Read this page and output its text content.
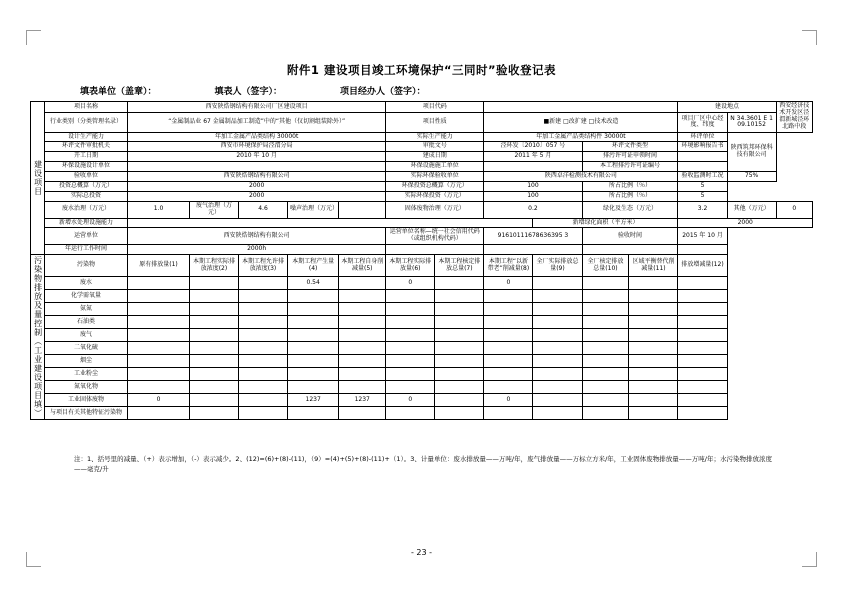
附件1 建设项目竣工环境保护“三同时”验收登记表
填表单位（盖章）：	填表人（签字）：	项目经办人（签字）：
建设项目	项目名称	西安陕焅钢结构有限公司厂区建设项目					项目代码						建设地点		西安经济技术开发区泾渭新城泾环北路中段
	行业类别（分类管理名录）	“金属制品业 67 金属制品加工制造”中的“其他（仅切割组装除外）”					项目性质		■新建 □改扩建 □技术改造				项目厂区中心经度、纬度	N 34.3601 E 109.10152	
	设计生产能力	年加工金属产品类结构 30000t					实际生产能力		年加工金属产品类结构件 30000t				环评单位	陕西筑邦环保科技有限公司	
	环评文件审批机关	西安市环境保护局泾渭分局					审批文号		泾环发〔2010〕057 号		环评文件类型		环境影响报告书		
	开工日期	2010 年 10 月					建成日期		2011 年 5 月		排污许可证申领时间				
	环保设施设计单位						环保设施施工单位				本工程排污许可证编号				
	验收单位	西安陕焅钢结构有限公司					实际环保验收单位		陕西卓洋检测技术有限公司				验收监测时工况	75%	
	投资总概算（万元）	2000					环保投资总概算（万元）		100		所占比例（％）		5		
	实际总投资	2000					实际环保投资（万元）		100		所占比例（％）		5		
	废水治理（万元）	1.0	废气治理（万元）	4.6	噪声治理（万元）		固体废物治理（万元）		0.2		绿化及生态（万元）		3.2	其他（万元）	0
	新增水处理设施能力									新增绿化面积（平方米）			2000		
	运营单位	西安陕焅钢结构有限公司					运营单位名称—统一社会信用代码（或组织机构代码）		91610111678636395 3		验收时间		2015 年 10 月		
	年运行工作时间	2000h													

污染物排放及量控制（工业建设项目填）	污染物	原有排放量(1)	本期工程实际排放浓度(2)	本期工程允许排放浓度(3)	本期工程产生量(4)	本期工程自身削减量(5)	本期工程实际排放量(6)	本期工程核定排放总量(7)	本期工程“以新带老”削减量(8)	全厂实际排放总量(9)	全厂核定排放总量(10)	区域平衡替代削减量(11)	排放增减量(12)		
	废水				0.54		0		0						
	化学需氧量														
	氨氮														
	石油类														
	废气														
	二氧化硫														
	烟尘														
	工业粉尘														
	氮氧化物														
	工业固体废物	0			1237	1237	0		0						
	与项目有关其他特征污染物														
注：1、括号里的减量、（+）表示增加，（-）表示减少。2、(12)=(6)+(8)-(11)，（9）=(4)+(5)+(8)-(11)+（1）。3、计量单位：废水排放量——万吨/年，废气排放量——万标立方米/年，工业固体废物排放量——万吨/年；水污染物排放浓度——毫克/升
- 23 -
